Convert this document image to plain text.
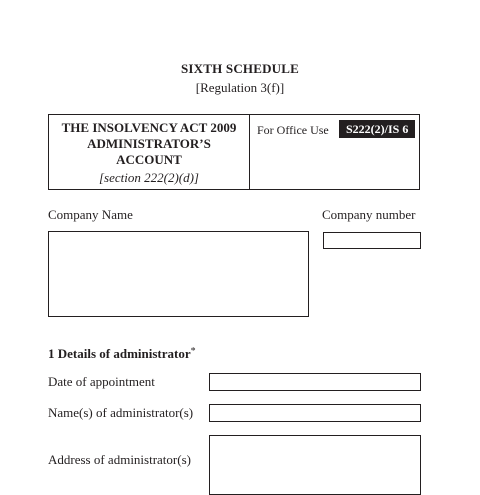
SIXTH SCHEDULE
[Regulation 3(f)]
THE INSOLVENCY ACT 2009
ADMINISTRATOR’S
ACCOUNT
[section 222(2)(d)]
For Office Use	S222(2)/IS 6
Company Name	Company number
1 Details of administrator*
Date of appointment
Name(s) of administrator(s)
Address of administrator(s)
